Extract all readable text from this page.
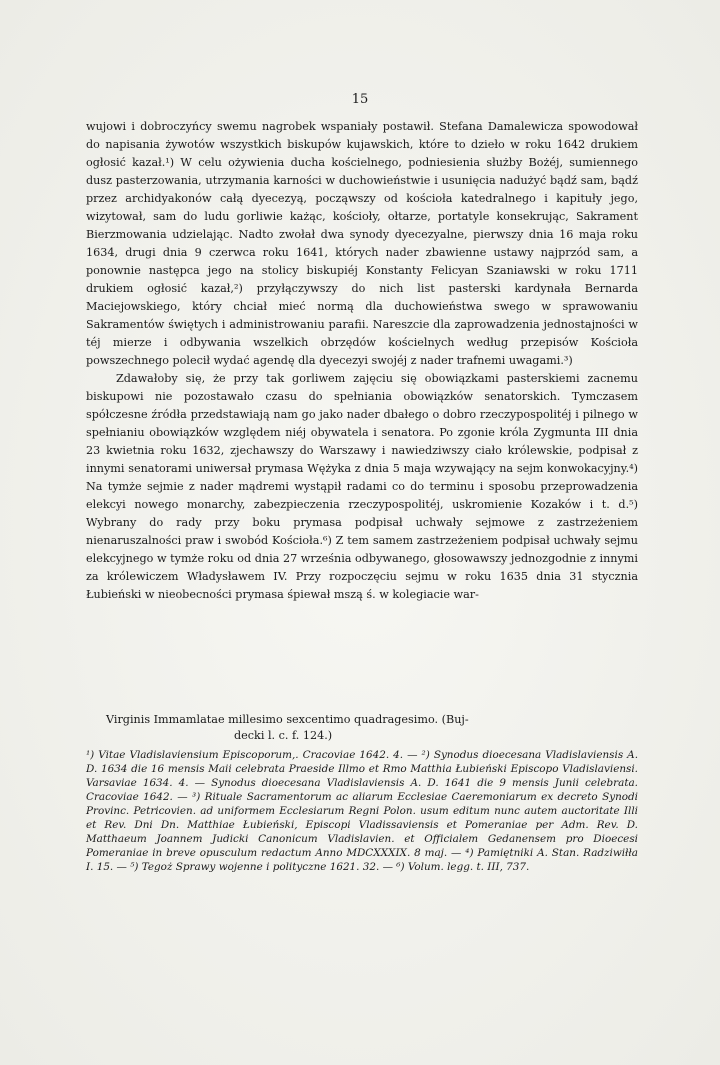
15

wujowi i dobroczyńcy swemu nagrobek wspaniały postawił. Stefana Damalewicza spowodował do napisania żywotów wszystkich biskupów kujawskich, które to dzieło w roku 1642 drukiem ogłosić kazał.¹) W celu ożywienia ducha kościelnego, podniesienia służby Bożéj, sumiennego dusz pasterzowania, utrzymania karności w duchowieństwie i usunięcia nadużyć bądź sam, bądź przez archidyakonów całą dyecezyą, począwszy od kościoła katedralnego i kapituły jego, wizytował, sam do ludu gorliwie każąc, kościoły, ołtarze, portatyle konsekrując, Sakrament Bierzmowania udzielając. Nadto zwołał dwa synody dyecezyalne, pierwszy dnia 16 maja roku 1634, drugi dnia 9 czerwca roku 1641, których nader zbawienne ustawy najprzód sam, a ponownie następca jego na stolicy biskupiéj Konstanty Felicyan Szaniawski w roku 1711 drukiem ogłosić kazał,²) przyłączywszy do nich list pasterski kardynała Bernarda Maciejowskiego, który chciał mieć normą dla duchowieństwa swego w sprawowaniu Sakramentów świętych i administrowaniu parafii. Nareszcie dla zaprowadzenia jednostajności w téj mierze i odbywania wszelkich obrzędów kościelnych według przepisów Kościoła powszechnego polecił wydać agendę dla dyecezyi swojéj z nader trafnemi uwagami.³)

Zdawałoby się, że przy tak gorliwem zajęciu się obowiązkami pasterskiemi zacnemu biskupowi nie pozostawało czasu do spełniania obowiązków senatorskich. Tymczasem spółczesne źródła przedstawiają nam go jako nader dbałego o dobro rzeczypospolitéj i pilnego w spełnianiu obowiązków względem niéj obywatela i senatora. Po zgonie króla Zygmunta III dnia 23 kwietnia roku 1632, zjechawszy do Warszawy i nawiedziwszy ciało królewskie, podpisał z innymi senatorami uniwersał prymasa Wężyka z dnia 5 maja wzywający na sejm konwokacyjny.⁴) Na tymże sejmie z nader mądremi wystąpił radami co do terminu i sposobu przeprowadzenia elekcyi nowego monarchy, zabezpieczenia rzeczypospolitéj, uskromienie Kozaków i t. d.⁵) Wybrany do rady przy boku prymasa podpisał uchwały sejmowe z zastrzeżeniem nienaruszalności praw i swobód Kościoła.⁶) Z tem samem zastrzeżeniem podpisał uchwały sejmu elekcyjnego w tymże roku od dnia 27 września odbywanego, głosowawszy jednozgodnie z innymi za królewiczem Władysławem IV. Przy rozpoczęciu sejmu w roku 1635 dnia 31 stycznia Łubieński w nieobecności prymasa śpiewał mszą ś. w kolegiacie war-

Virginis Immamlatae millesimo sexcentimo quadragesimo. (Buj-
decki l. c. f. 124.)

¹) Vitae Vladislaviensium Episcoporum,. Cracoviae 1642. 4. — ²) Synodus dioecesana Vladislaviensis A. D. 1634 die 16 mensis Maii celebrata Praeside Illmo et Rmo Matthia Łubieński Episcopo Vladislaviensi. Varsaviae 1634. 4. — Synodus dioecesana Vladislaviensis A. D. 1641 die 9 mensis Junii celebrata. Cracoviae 1642. — ³) Rituale Sacramentorum ac aliarum Ecclesiae Caeremoniarum ex decreto Synodi Provinc. Petricovien. ad uniformem Ecclesiarum Regni Polon. usum editum nunc autem auctoritate Illi et Rev. Dni Dn. Matthiae Łubieński, Episcopi Vladissaviensis et Pomeraniae per Adm. Rev. D. Matthaeum Joannem Judicki Canonicum Vladislavien. et Officialem Gedanensem pro Dioecesi Pomeraniae in breve opusculum redactum Anno MDCXXXIX. 8 maj. — ⁴) Pamiętniki A. Stan. Radziwiłła I. 15. — ⁵) Tegoż Sprawy wojenne i polityczne 1621. 32. — ⁶) Volum. legg. t. III, 737.
